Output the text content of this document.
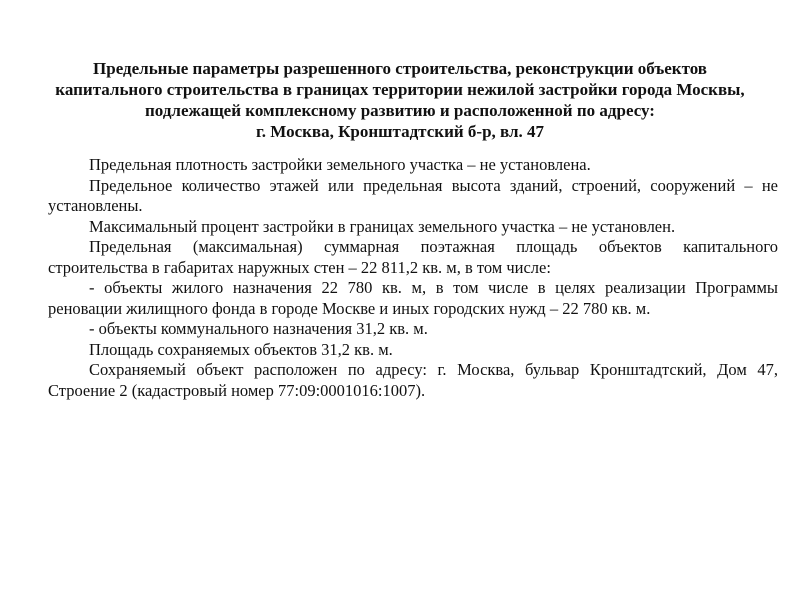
Предельные параметры разрешенного строительства, реконструкции объектов
капитального строительства в границах территории нежилой застройки города Москвы,
подлежащей комплексному развитию и расположенной по адресу:
г. Москва, Кронштадтский б-р, вл. 47

Предельная плотность застройки земельного участка – не установлена.

Предельное количество этажей или предельная высота зданий, строений, сооружений – не установлены.

Максимальный процент застройки в границах земельного участка – не установлен.

Предельная (максимальная) суммарная поэтажная площадь объектов капитального строительства в габаритах наружных стен – 22 811,2 кв. м, в том числе:

- объекты жилого назначения 22 780 кв. м, в том числе в целях реализации Программы реновации жилищного фонда в городе Москве и иных городских нужд – 22 780 кв. м.

- объекты коммунального назначения 31,2 кв. м.

Площадь сохраняемых объектов 31,2 кв. м.

Сохраняемый объект расположен по адресу: г. Москва, бульвар Кронштадтский, Дом 47, Строение 2 (кадастровый номер 77:09:0001016:1007).
